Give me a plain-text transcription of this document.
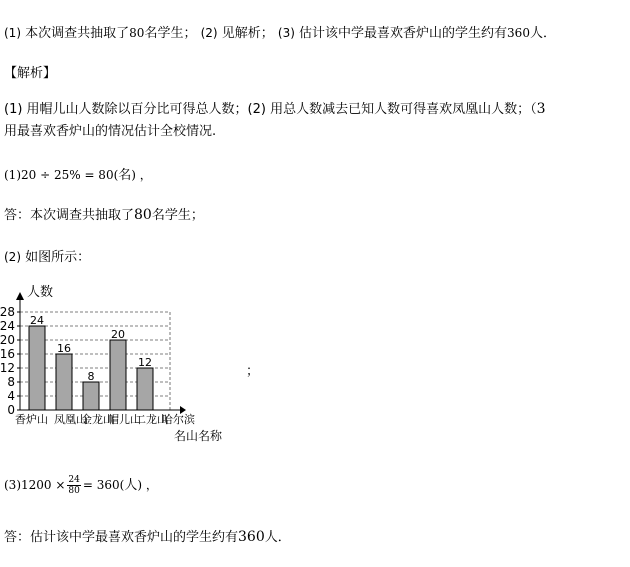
(1) 本次调查共抽取了80名学生； (2) 见解析； (3) 估计该中学最喜欢香炉山的学生约有360人．
【解析】
(1) 用帽儿山人数除以百分比可得总人数；(2) 用总人数减去已知人数可得喜欢凤凰山人数；（3
用最喜欢香炉山的情况估计全校情况.
(1)20 ÷ 25% = 80(名) ，
答：本次调查共抽取了80名学生；
(2) 如图所示：
24
香炉山
16
凤凰山
8
金龙山
20
帽儿山
12
二龙山
哈尔滨
0
4
8
12
16
20
24
28
人数
名山名称
；
$(3)1200 \times \frac{24}{80} = 360$(人) ，
答：估计该中学最喜欢香炉山的学生约有360人．
